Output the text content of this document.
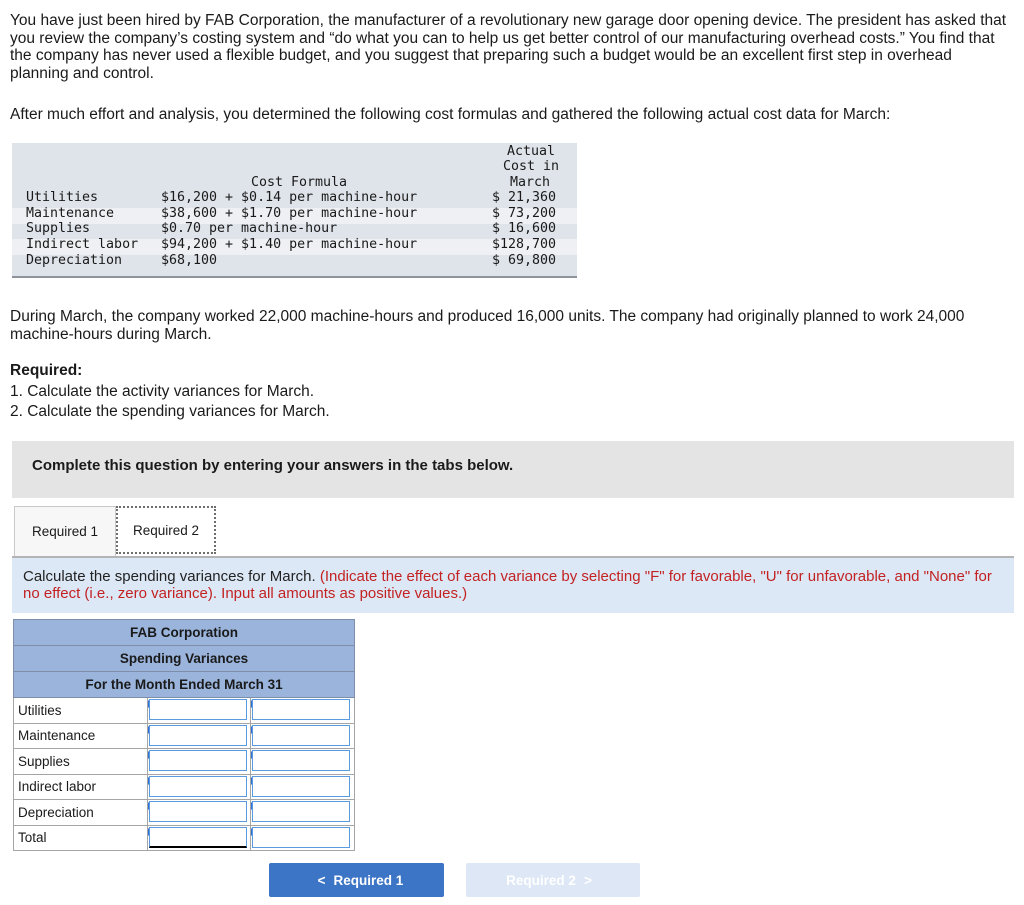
You have just been hired by FAB Corporation, the manufacturer of a revolutionary new garage door opening device. The president has asked that you review the company’s costing system and “do what you can to help us get better control of our manufacturing overhead costs.” You find that the company has never used a flexible budget, and you suggest that preparing such a budget would be an excellent first step in overhead planning and control.

After much effort and analysis, you determined the following cost formulas and gathered the following actual cost data for March:

Cost Formula
Actual
Cost in
March
Utilities	$16,200 + $0.14 per machine-hour	$ 21,360
Maintenance	$38,600 + $1.70 per machine-hour	$ 73,200
Supplies	$0.70 per machine-hour	$ 16,600
Indirect labor $94,200 + $1.40 per machine-hour	$128,700
Depreciation	$68,100	$ 69,800

During March, the company worked 22,000 machine-hours and produced 16,000 units. The company had originally planned to work 24,000 machine-hours during March.

Required:
1. Calculate the activity variances for March.
2. Calculate the spending variances for March.
Complete this question by entering your answers in the tabs below.
Required 1	Required 2
Calculate the spending variances for March. (Indicate the effect of each variance by selecting "F" for favorable, "U" for unfavorable, and "None" for no effect (i.e., zero variance). Input all amounts as positive values.)
FAB Corporation		
Spending Variances		
For the Month Ended March 31		
Utilities	

Maintenance	

Supplies	

Indirect labor	

Depreciation	

Total	

< Required 1	Required 2 >
